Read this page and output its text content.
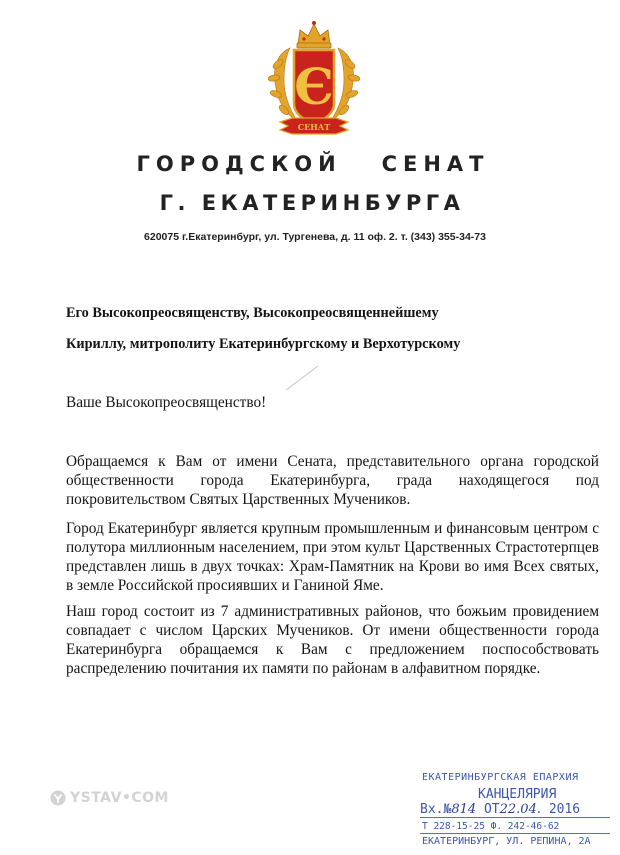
Є
СЕНАТ
ГОРОДСКОЙ   СЕНАТ
Г. ЕКАТЕРИНБУРГА
620075 г.Екатеринбург, ул. Тургенева, д. 11 оф. 2. т. (343) 355-34-73
Его Высокопреосвященству, Высокопреосвященнейшему
Кириллу, митрополиту Екатеринбургскому и Верхотурскому
Ваше Высокопреосвященство!

Обращаемся к Вам от имени Сената, представительного органа городской общественности города Екатеринбурга, града находящегося под покровительством Святых Царственных Мучеников.

Город Екатеринбург является крупным промышленным и финансовым центром с полутора миллионным населением, при этом культ Царственных Страстотерпцев представлен лишь в двух точках: Храм-Памятник на Крови во имя Всех святых, в земле Российской просиявших и Ганиной Яме.

Наш город состоит из 7 административных районов, что божьим провидением совпадает с числом Царских Мучеников. От имени общественности города Екатеринбурга обращаемся к Вам с предложением поспособствовать распределению почитания их памяти по районам в алфавитном порядке.

YSTAV•COM
ЕКАТЕРИНБУРГСКАЯ ЕПАРХИЯ
КАНЦЕЛЯРИЯ
Вх.№814 ОТ22.04. 2016
Т 228-15-25 Ф. 242-46-62
ЕКАТЕРИНБУРГ, УЛ. РЕПИНА, 2А
